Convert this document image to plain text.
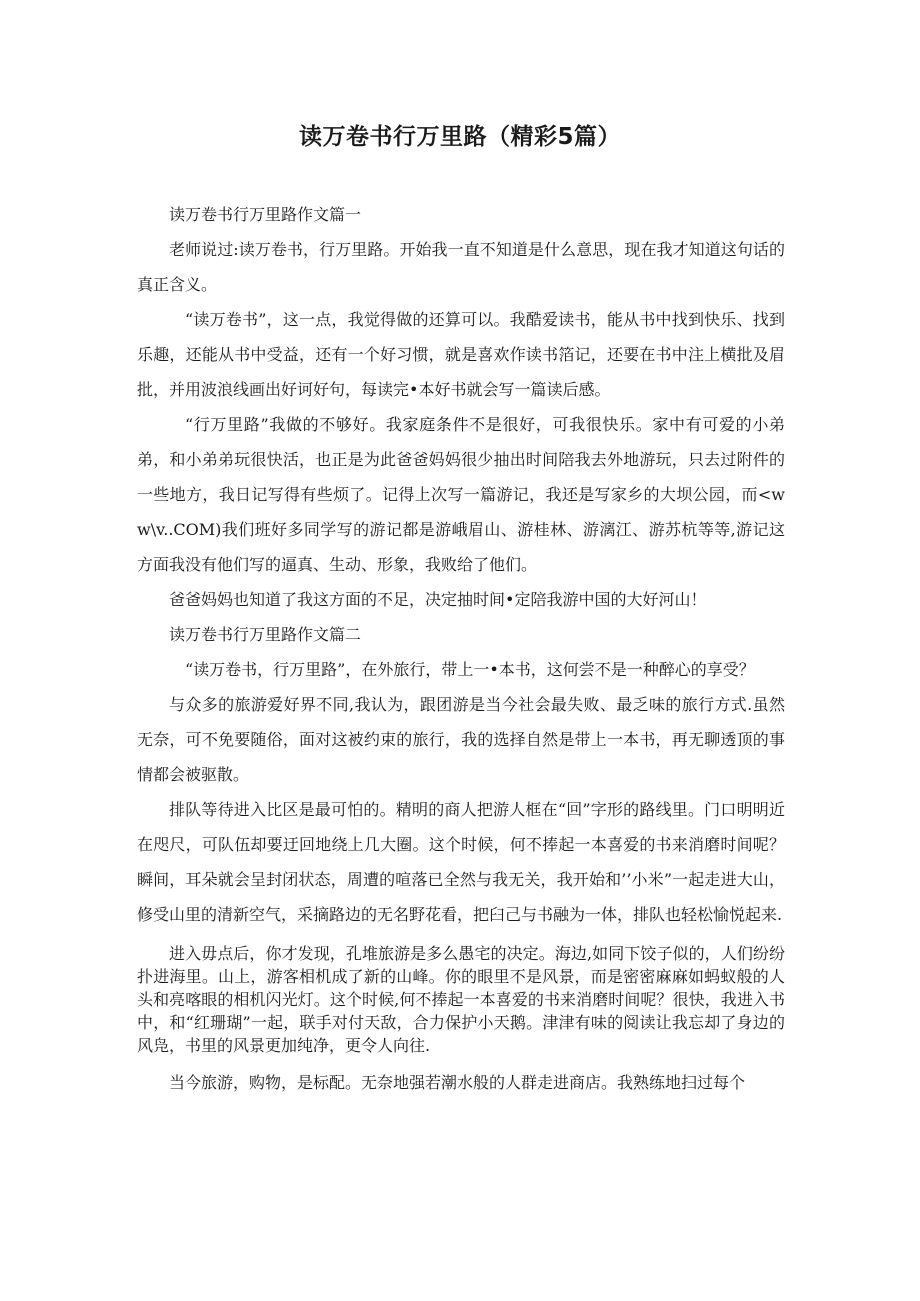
读万卷书行万里路（精彩5篇）

读万卷书行万里路作文篇一

老师说过:读万卷书，行万里路。开始我一直不知道是什么意思，现在我才知道这句话的真正含义。

“读万卷书”，这一点，我觉得做的还算可以。我酷爱读书，能从书中找到快乐、找到乐趣，还能从书中受益，还有一个好习惯，就是喜欢作读书箔记，还要在书中注上横批及眉批，并用波浪线画出好诃好句，每读完•本好书就会写一篇读后感。

“行万里路”我做的不够好。我家庭条件不是很好，可我很快乐。家中有可爱的小弟弟，和小弟弟玩很快活，也正是为此爸爸妈妈很少抽出时间陪我去外地游玩，只去过附件的一些地方，我日记写得有些烦了。记得上次写一篇游记，我还是写家乡的大坝公园，而<ww\v..COM)我们班好多同学写的游记都是游峨眉山、游桂林、游漓江、游苏杭等等,游记这方面我没有他们写的逼真、生动、形象，我败给了他们。

爸爸妈妈也知道了我这方面的不足，决定抽时间•定陪我游中国的大好河山！

读万卷书行万里路作文篇二

“读万卷书，行万里路”，在外旅行，带上一•本书，这何尝不是一种醉心的享受？

与众多的旅游爱好界不同,我认为，跟团游是当今社会最失败、最乏味的旅行方式.虽然无奈，可不免要随俗，面对这被约束的旅行，我的选择自然是带上一本书，再无聊透顶的事情都会被驱散。

排队等待进入比区是最可怕的。精明的商人把游人框在“回”字形的路线里。门口明明近在咫尺，可队伍却要迂回地绕上几大圈。这个时候，何不捧起一本喜爱的书来消磨时间呢？瞬间，耳朵就会呈封闭状态，周遭的喧落已全然与我无关，我开始和’’小米”一起走进大山，修受山里的清新空气，采摘路边的无名野花看，把臼己与书融为一体，排队也轻松愉悦起来.

进入毋点后，你才发现，孔堆旅游是多么愚宅的决定。海边,如同下饺子似的，人们纷纷扑进海里。山上，游客相机成了新的山峰。你的眼里不是风景，而是密密麻麻如蚂蚁般的人头和亮喀眼的相机闪光灯。这个时候,何不捧起一本喜爱的书来消磨时间呢？很快，我进入书中，和“红珊瑚”一起，联手对付天敌，合力保护小天鹅。津津有味的阅读让我忘却了身边的风凫，书里的风景更加纯净，更令人向往.

当今旅游，购物，是标配。无奈地强若潮水般的人群走进商店。我熟练地扫过每个
